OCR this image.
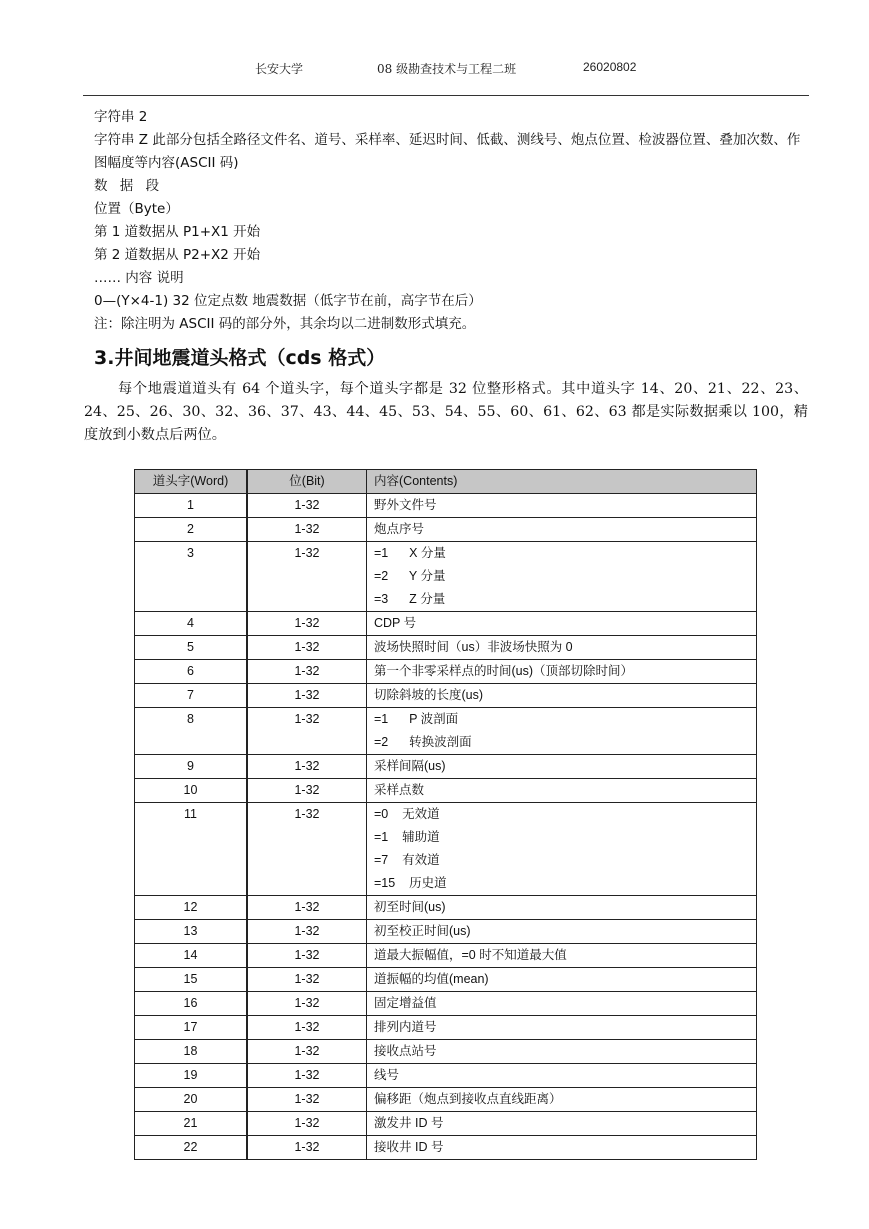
长安大学	08 级勘查技术与工程二班	26020802
字符串 2
字符串 Z 此部分包括全路径文件名、道号、采样率、延迟时间、低截、测线号、炮点位置、检波器位置、叠加次数、作图幅度等内容(ASCII 码)
数 据 段
位置（Byte）
第 1 道数据从 P1+X1 开始
第 2 道数据从 P2+X2 开始
…… 内容 说明
0—(Y×4-1) 32 位定点数 地震数据（低字节在前，高字节在后）
注：除注明为 ASCII 码的部分外，其余均以二进制数形式填充。
3.井间地震道头格式（cds 格式）
每个地震道道头有 64 个道头字，每个道头字都是 32 位整形格式。其中道头字 14、20、21、22、23、24、25、26、30、32、36、37、43、44、45、53、54、55、60、61、62、63 都是实际数据乘以 100，精度放到小数点后两位。
道头字(Word)	位(Bit)	内容(Contents)
1	1-32	野外文件号

2	1-32	炮点序号

3	1-32	=1      X 分量
=2      Y 分量
=3      Z 分量

4	1-32	CDP 号

5	1-32	波场快照时间（us）非波场快照为 0

6	1-32	第一个非零采样点的时间(us)（顶部切除时间）

7	1-32	切除斜坡的长度(us)

8	1-32	=1      P 波剖面
=2      转换波剖面

9	1-32	采样间隔(us)

10	1-32	采样点数

11	1-32	=0    无效道
=1    辅助道
=7    有效道
=15    历史道

12	1-32	初至时间(us)

13	1-32	初至校正时间(us)

14	1-32	道最大振幅值，=0 时不知道最大值

15	1-32	道振幅的均值(mean)

16	1-32	固定增益值

17	1-32	排列内道号

18	1-32	接收点站号

19	1-32	线号

20	1-32	偏移距（炮点到接收点直线距离）

21	1-32	激发井 ID 号

22	1-32	接收井 ID 号
